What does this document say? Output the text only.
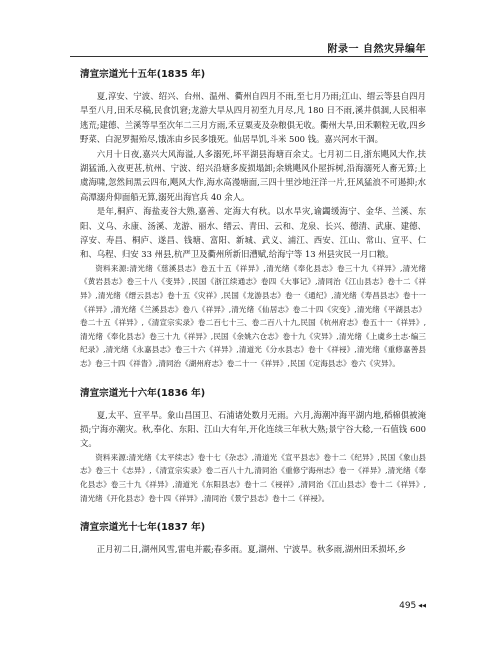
附录一 自然灾异编年
清宣宗道光十五年(1835 年)

夏,淳安、宁波、绍兴、台州、温州、衢州自四月不雨,至七月乃雨;江山、缙云等县自四月旱至八月,田禾尽稿,民食饥窘;龙游大旱从四月初至九月尽,凡 180 日不雨,溪井俱涸,人民相率逃荒;建德、兰溪等旱至次年二三月方雨,禾豆粟麦及杂粮俱无收。衢州大旱,田禾颗粒无收,四乡野菜、白泥罗掘殆尽,饿冻由乡民多饿死。仙居旱饥,斗米 500 钱。嘉兴河水干涸。

六月十日夜,嘉兴大风海溢,人多溺死,坏平湖县海塘百余丈。七月初二日,浙东飓风大作,扶湖猛涌,入夜更甚,杭州、宁波、绍兴沿塘多废损塌卸;余姚飓风仆屋拆树,沿海溺死人畜无算;上虞海啸,忽然间黑云四布,飓风大作,海水高漫塘面,三四十里沙地汪洋一片,狂风猛浪不可遏抑;水高潭溺舟仰面船无算,溺死出海官兵 40 余人。

是年,桐庐、海盐麦谷大熟,嘉善、定海大有秋。以水旱灾,谕蠲缓海宁、金华、兰溪、东阳、义乌、永康、汤溪、龙游、丽水、缙云、青田、云和、龙泉、长兴、德清、武康、建德、淳安、寿昌、桐庐、遂昌、钱塘、富阳、新城、武义、浦江、西安、江山、常山、宣平、仁和、乌程、归安 33 州县,杭严卫及衢州所新旧漕赋,给海宁等 13 州县灾民一月口粮。

资料来源:清光绪《慈溪县志》卷五十五《祥异》,清光绪《奉化县志》卷三十九《祥异》,清光绪《黄岩县志》卷三十八《变异》,民国《浙江续通志》卷四《大事记》,清同治《江山县志》卷十二《祥异》,清光绪《缙云县志》卷十五《灾祥》,民国《龙游县志》卷一《通纪》,清光绪《寿昌县志》卷十一《祥异》,清光绪《兰溪县志》卷八《祥异》,清光绪《仙居志》卷二十四《灾变》,清光绪《平湖县志》卷二十五《祥异》,《清宣宗实录》卷二百七十三、卷二百八十九,民国《杭州府志》卷五十一《祥异》,清光绪《奉化县志》卷三十九《祥异》,民国《余姚六仓志》卷十九《灾异》,清光绪《上虞乡土志·编三纪录》,清光绪《永嘉县志》卷三十六《祥异》,清道光《分水县志》卷十《祥祲》,清光绪《重修嘉善县志》卷三十四《祥眚》,清同治《湖州府志》卷二十一《祥异》,民国《定海县志》卷六《灾异》。

清宣宗道光十六年(1836 年)

夏,太平、宣平旱。象山昌国卫、石浦诸处数月无雨。六月,海潮冲海平湖内地,稻棉俱被淹损;宁海亦潮灾。秋,奉化、东阳、江山大有年,开化连续三年秋大熟;景宁谷大稔,一石值钱 600 文。

资料来源:清光绪《太平续志》卷十七《杂志》,清道光《宣平县志》卷十二《纪异》,民国《象山县志》卷三十《志异》,《清宣宗实录》卷二百八十九,清同治《重修宁海州志》卷一《祥异》,清光绪《奉化县志》卷三十九《祥异》,清道光《东阳县志》卷十二《祲祥》,清同治《江山县志》卷十二《祥异》,清光绪《开化县志》卷十四《祥异》,清同治《景宁县志》卷十二《祥祲》。

清宣宗道光十七年(1837 年)

正月初二日,湖州风雪,雷电并霰;春多雨。夏,湖州、宁波旱。秋多雨,湖州田禾损坏,乡

495 ◀◀
